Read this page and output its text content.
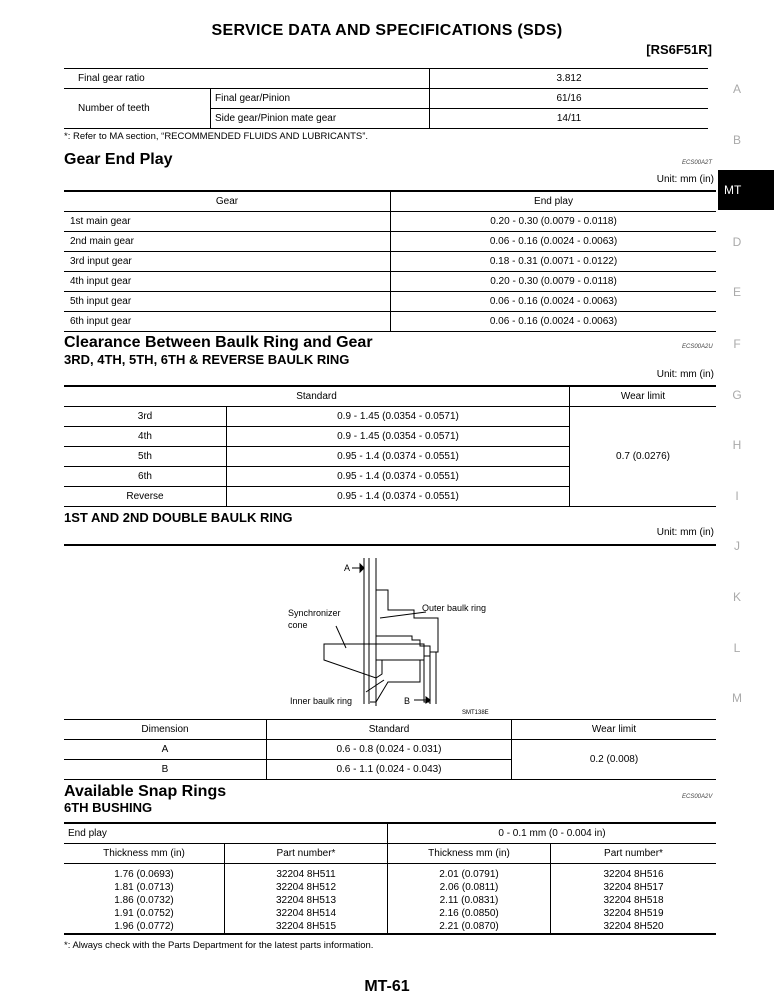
SERVICE DATA AND SPECIFICATIONS (SDS)
[RS6F51R]
Final gear ratio		3.812
Number of teeth	Final gear/Pinion	61/16
	Side gear/Pinion mate gear	14/11
*: Refer to MA section, “RECOMMENDED FLUIDS AND LUBRICANTS”.
Gear End Play	ECS00A2T
Unit: mm (in)
Gear	End play
1st main gear	0.20 - 0.30 (0.0079 - 0.0118)
2nd main gear	0.06 - 0.16 (0.0024 - 0.0063)
3rd input gear	0.18 - 0.31 (0.0071 - 0.0122)
4th input gear	0.20 - 0.30 (0.0079 - 0.0118)
5th input gear	0.06 - 0.16 (0.0024 - 0.0063)
6th input gear	0.06 - 0.16 (0.0024 - 0.0063)
Clearance Between Baulk Ring and Gear
3RD, 4TH, 5TH, 6TH & REVERSE BAULK RING
ECS00A2U
Unit: mm (in)
Standard		Wear limit
3rd	0.9 - 1.45 (0.0354 - 0.0571)	0.7 (0.0276)
4th	0.9 - 1.45 (0.0354 - 0.0571)	
5th	0.95 - 1.4 (0.0374 - 0.0551)	
6th	0.95 - 1.4 (0.0374 - 0.0551)	
Reverse	0.95 - 1.4 (0.0374 - 0.0551)	
1ST AND 2ND DOUBLE BAULK RING
Unit: mm (in)
A
B
Synchronizer
cone
Outer baulk ring
Inner baulk ring
SMT138E
Dimension	Standard	Wear limit
A	0.6 - 0.8 (0.024 - 0.031)	0.2 (0.008)
B	0.6 - 1.1 (0.024 - 0.043)	
Available Snap Rings
6TH BUSHING
ECS00A2V
End play		0 - 0.1 mm (0 - 0.004 in)	
Thickness mm (in)	Part number*	Thickness mm (in)	Part number*
1.76 (0.0693)	32204 8H511	2.01 (0.0791)	32204 8H516
1.81 (0.0713)	32204 8H512	2.06 (0.0811)	32204 8H517
1.86 (0.0732)	32204 8H513	2.11 (0.0831)	32204 8H518
1.91 (0.0752)	32204 8H514	2.16 (0.0850)	32204 8H519
1.96 (0.0772)	32204 8H515	2.21 (0.0870)	32204 8H520
*: Always check with the Parts Department for the latest parts information.
A
B
MT
D
E
F
G
H
I
J
K
L
M
MT-61
